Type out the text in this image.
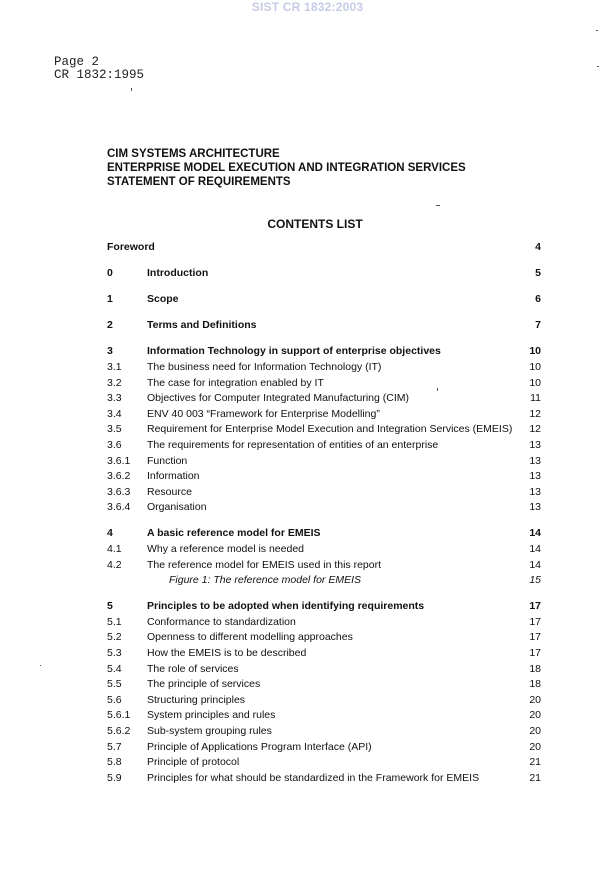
SIST CR 1832:2003
Page 2
CR 1832:1995
CIM SYSTEMS ARCHITECTURE
ENTERPRISE MODEL EXECUTION AND INTEGRATION SERVICES
STATEMENT OF REQUIREMENTS
CONTENTS LIST
Foreword	4
0	Introduction	5
1	Scope	6
2	Terms and Definitions	7
3	Information Technology in support of enterprise objectives	10
3.1 The business need for Information Technology (IT)	10
3.2 The case for integration enabled by IT	10
3.3 Objectives for Computer Integrated Manufacturing (CIM)	11
3.4 ENV 40 003 “Framework for Enterprise Modelling”	12
3.5 Requirement for Enterprise Model Execution and Integration Services (EMEIS) 12
3.6 The requirements for representation of entities of an enterprise	13
3.6.1 Function	13
3.6.2 Information	13
3.6.3 Resource	13
3.6.4 Organisation	13
4	A basic reference model for EMEIS	14
4.1 Why a reference model is needed	14
4.2 The reference model for EMEIS used in this report	14
Figure 1: The reference model for EMEIS	15
5	Principles to be adopted when identifying requirements	17
5.1 Conformance to standardization	17
5.2 Openness to different modelling approaches	17
5.3 How the EMEIS is to be described	17
5.4 The role of services	18
5.5 The principle of services	18
5.6 Structuring principles	20
5.6.1 System principles and rules	20
5.6.2 Sub-system grouping rules	20
5.7 Principle of Applications Program Interface (API)	20
5.8 Principle of protocol	21
5.9 Principles for what should be standardized in the Framework for EMEIS	21
